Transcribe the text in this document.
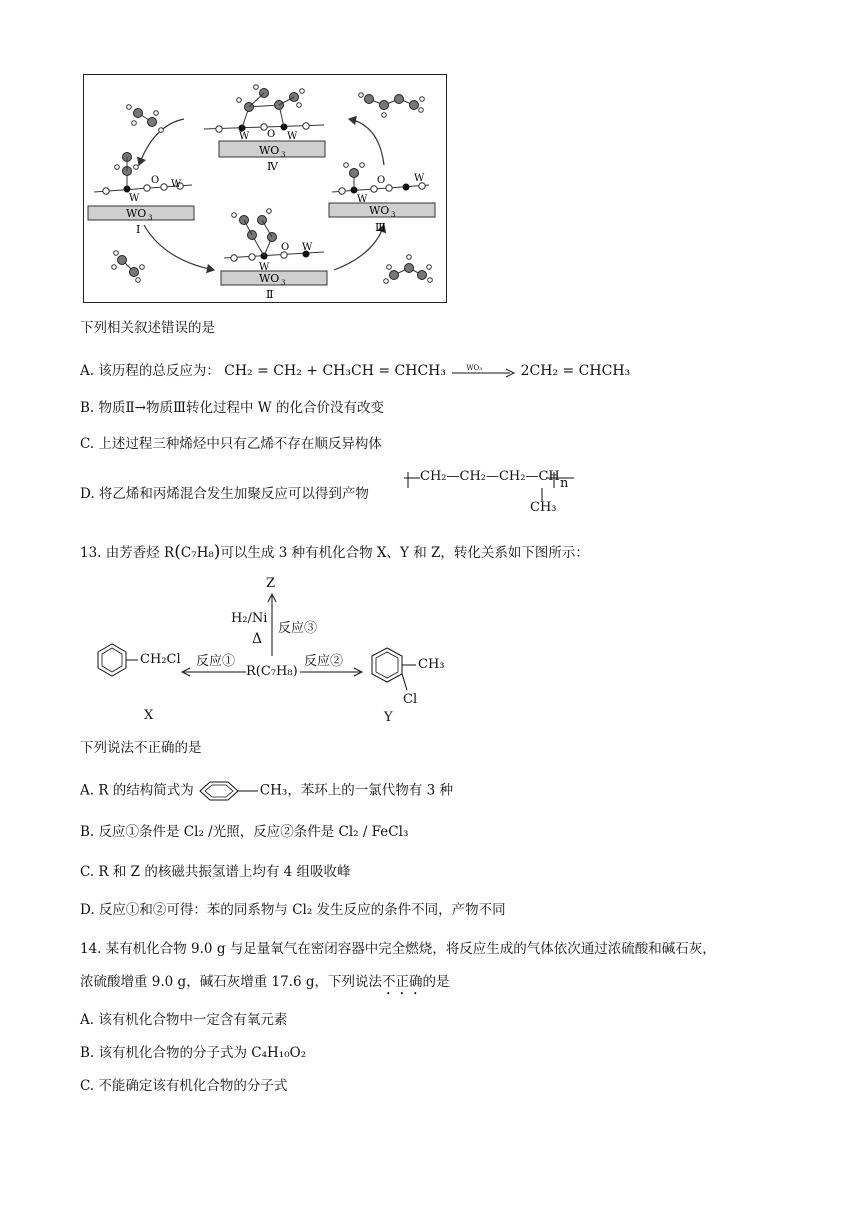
WO 3
Ⅳ
W O W
WO 3
Ⅰ
W
O W
WO 3
Ⅱ
W
O W
WO 3
Ⅲ
W
O	W
下列相关叙述错误的是
A. 该历程的总反应为： CH₂ = CH₂ + CH₃CH = CHCH₃	WO₃	2CH₂ = CHCH₃
B. 物质Ⅱ→物质Ⅲ转化过程中 W 的化合价没有改变
C. 上述过程三种烯烃中只有乙烯不存在顺反异构体
D. 将乙烯和丙烯混合发生加聚反应可以得到产物
CH₂—CH₂—CH₂—CH n
CH₃
13. 由芳香烃 R(C₇H₈)可以生成 3 种有机化合物 X、Y 和 Z，转化关系如下图所示：
Z
H₂/Ni
Δ
反应③
CH₂Cl 反应①
R(C₇H₈)
反应②	CH₃
Cl
X	Y
下列说法不正确的是
A. R 的结构简式为	CH₃，苯环上的一氯代物有 3 种
B. 反应①条件是 Cl₂ /光照，反应②条件是 Cl₂ / FeCl₃
C. R 和 Z 的核磁共振氢谱上均有 4 组吸收峰
D. 反应①和②可得：苯的同系物与 Cl₂ 发生反应的条件不同，产物不同
14. 某有机化合物 9.0 g 与足量氧气在密闭容器中完全燃烧，将反应生成的气体依次通过浓硫酸和碱石灰，
浓硫酸增重 9.0 g，碱石灰增重 17.6 g，下列说法不正确的是
A. 该有机化合物中一定含有氧元素
B. 该有机化合物的分子式为 C₄H₁₀O₂
C. 不能确定该有机化合物的分子式
